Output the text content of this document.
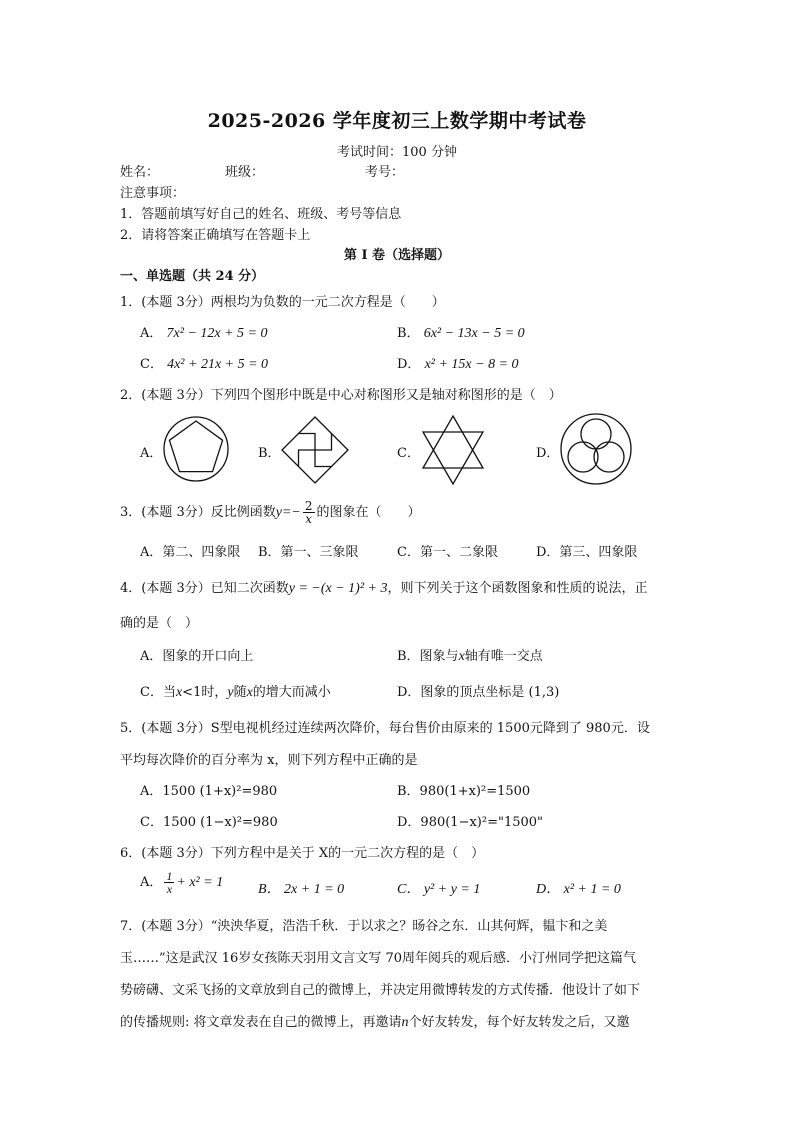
2025-2026 学年度初三上数学期中考试卷
考试时间：100 分钟
姓名：	班级：	考号：
注意事项：
1．答题前填写好自己的姓名、班级、考号等信息
2．请将答案正确填写在答题卡上
第 I 卷（选择题）
一、单选题（共 24 分）
1．(本题 3分）两根均为负数的一元二次方程是（　　）
A． 7x² − 12x + 5 = 0	B． 6x² − 13x − 5 = 0
C． 4x² + 21x + 5 = 0	D． x² + 15x − 8 = 0
2．(本题 3分）下列四个图形中既是中心对称图形又是轴对称图形的是（　）
A．	B．	C．	D．
3．(本题 3分）反比例函数$y=- \frac{2}{x}$ 的图象在（　　）
A．第二、四象限 B．第一、三象限	C．第一、二象限	D．第三、四象限
4．(本题 3分）已知二次函数y = −(x − 1)² + 3，则下列关于这个函数图象和性质的说法，正
确的是（　）
A．图象的开口向上	B．图象与x轴有唯一交点
C．当x<1时，y随x的增大而减小	D．图象的顶点坐标是 (1,3)
5．(本题 3分）S型电视机经过连续两次降价，每台售价由原来的 1500元降到了 980元．设
平均每次降价的百分率为 x，则下列方程中正确的是
A．1500 (1+x)²=980	B．980(1+x)²=1500
C．1500 (1−x)²=980	D．980(1−x)²="1500"
6．(本题 3分）下列方程中是关于 X的一元二次方程的是（　）
A． $\frac{1}{x} + x^2 = 1$ B． 2x + 1 = 0	C． y² + y = 1	D． x² + 1 = 0
7．(本题 3分）“泱泱华夏，浩浩千秋．于以求之？旸谷之东．山其何辉，韫卞和之美
玉……”这是武汉 16岁女孩陈天羽用文言文写 70周年阅兵的观后感．小汀州同学把这篇气
势磅礴、文采飞扬的文章放到自己的微博上，并决定用微博转发的方式传播．他设计了如下
的传播规则: 将文章发表在自己的微博上，再邀请n个好友转发，每个好友转发之后，又邀
